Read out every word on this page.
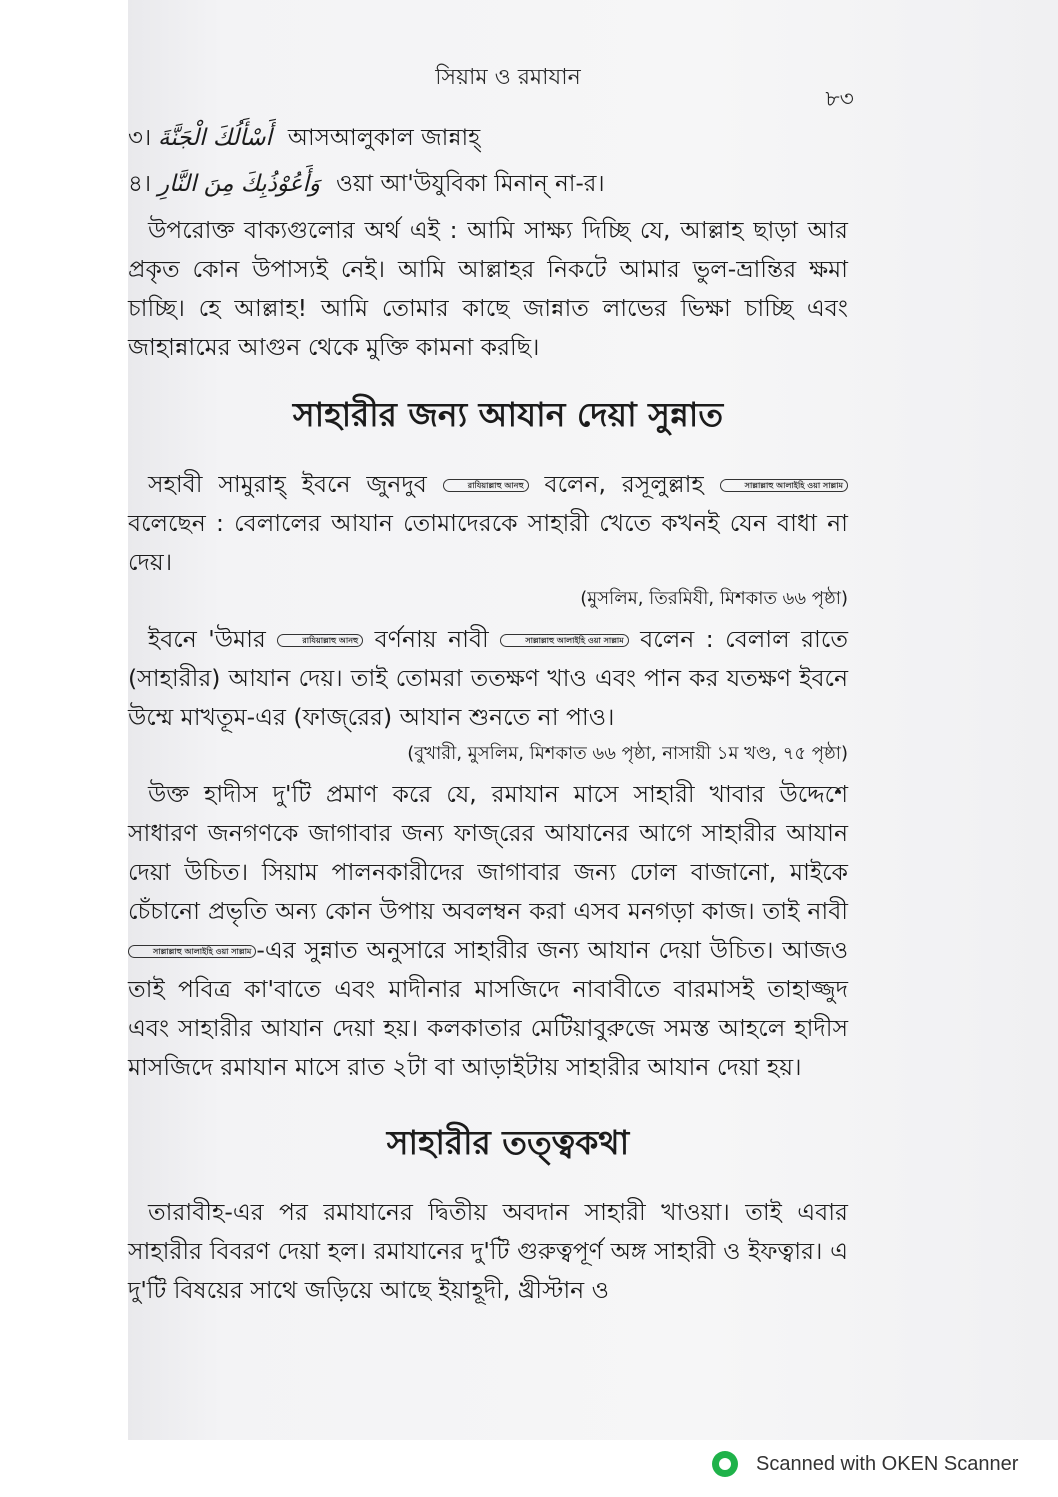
সিয়াম ও রমাযান
৮৩
৩। أَسْأَلُكَ الْجَنَّةَ আসআলুকাল জান্নাহ্
৪। وَأَعُوْذُبِكَ مِنَ النَّارِ ওয়া আ'উযুবিকা মিনান্ না-র।

উপরোক্ত বাক্যগুলোর অর্থ এই : আমি সাক্ষ্য দিচ্ছি যে, আল্লাহ ছাড়া আর প্রকৃত কোন উপাস্যই নেই। আমি আল্লাহর নিকটে আমার ভুল-ভ্রান্তির ক্ষমা চাচ্ছি। হে আল্লাহ! আমি তোমার কাছে জান্নাত লাভের ভিক্ষা চাচ্ছি এবং জাহান্নামের আগুন থেকে মুক্তি কামনা করছি।

সাহারীর জন্য আযান দেয়া সুন্নাত

সহাবী সামুরাহ্ ইবনে জুনদুব	রাযিয়াল্লাহু আনহু বলেন, রসূলুল্লাহ	সাল্লাল্লাহু আলাইহি ওয়া সাল্লাম বলেছেন : বেলালের আযান তোমাদেরকে সাহারী খেতে কখনই যেন বাধা না দেয়।

(মুসলিম, তিরমিযী, মিশকাত ৬৬ পৃষ্ঠা)

ইবনে 'উমার	রাযিয়াল্লাহু আনহু বর্ণনায় নাবী	সাল্লাল্লাহু আলাইহি ওয়া সাল্লাম বলেন : বেলাল রাতে (সাহারীর) আযান দেয়। তাই তোমরা ততক্ষণ খাও এবং পান কর যতক্ষণ ইবনে উম্মে মাখতূম-এর (ফাজ্‌রের) আযান শুনতে না পাও।

(বুখারী, মুসলিম, মিশকাত ৬৬ পৃষ্ঠা, নাসায়ী ১ম খণ্ড, ৭৫ পৃষ্ঠা)

উক্ত হাদীস দু'টি প্রমাণ করে যে, রমাযান মাসে সাহারী খাবার উদ্দেশে সাধারণ জনগণকে জাগাবার জন্য ফাজ্‌রের আযানের আগে সাহারীর আযান দেয়া উচিত। সিয়াম পালনকারীদের জাগাবার জন্য ঢোল বাজানো, মাইকে চেঁচানো প্রভৃতি অন্য কোন উপায় অবলম্বন করা এসব মনগড়া কাজ। তাই নাবী সাল্লাল্লাহু আলাইহি ওয়া সাল্লাম -এর সুন্নাত অনুসারে সাহারীর জন্য আযান দেয়া উচিত। আজও তাই পবিত্র কা'বাতে এবং মাদীনার মাসজিদে নাবাবীতে বারমাসই তাহাজ্জুদ এবং সাহারীর আযান দেয়া হয়। কলকাতার মেটিয়াবুরুজে সমস্ত আহলে হাদীস মাসজিদে রমাযান মাসে রাত ২টা বা আড়াইটায় সাহারীর আযান দেয়া হয়।

সাহারীর তত্ত্বকথা

তারাবীহ-এর পর রমাযানের দ্বিতীয় অবদান সাহারী খাওয়া। তাই এবার সাহারীর বিবরণ দেয়া হল। রমাযানের দু'টি গুরুত্বপূর্ণ অঙ্গ সাহারী ও ইফত্বার। এ দু'টি বিষয়ের সাথে জড়িয়ে আছে ইয়াহূদী, খ্রীস্টান ও

Scanned with OKEN Scanner
